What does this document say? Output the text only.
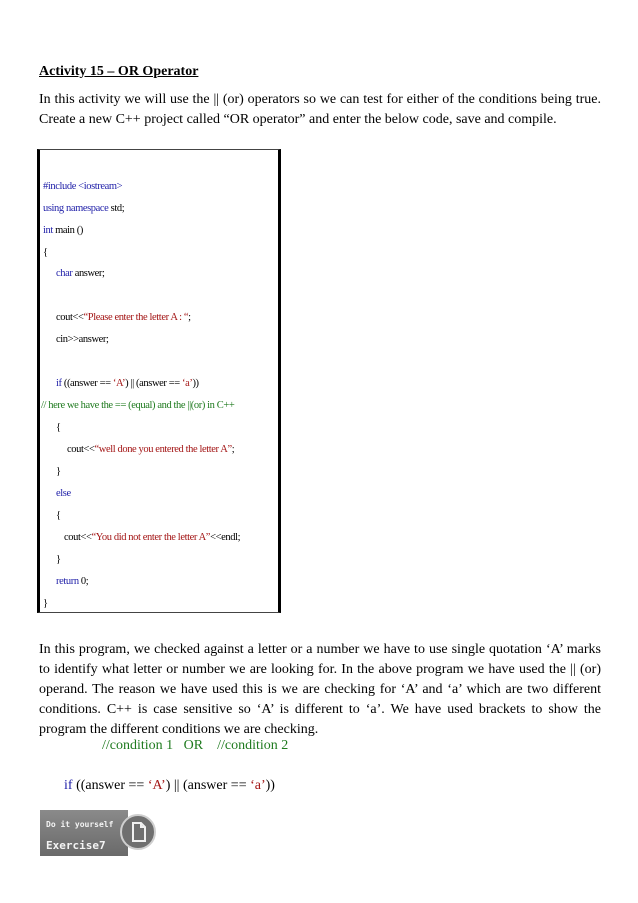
Activity 15 – OR Operator
In this activity we will use the || (or) operators so we can test for either of the conditions being true. Create a new C++ project called “OR operator” and enter the below code, save and compile.
#include <iostream>
using namespace std;
int main ()
{
char answer;
cout<<“Please enter the letter A : “;
cin>>answer;
if ((answer == ‘A’) || (answer == ‘a’))
// here we have the == (equal) and the ||(or) in C++
{
cout<<“well done you entered the letter A”;
}
else
{
cout<<“You did not enter the letter A”<<endl;
}
return 0;
}
In this program, we checked against a letter or a number we have to use single quotation ‘A’ marks to identify what letter or number we are looking for. In the above program we have used the || (or) operand. The reason we have used this is we are checking for ‘A’ and ‘a’ which are two different conditions. C++ is case sensitive so ‘A’ is different to ‘a’. We have used brackets to show the program the different conditions we are checking.
//condition 1   OR    //condition 2

if ((answer == ‘A’) || (answer == ‘a’))

Do it yourself
Exercise7
